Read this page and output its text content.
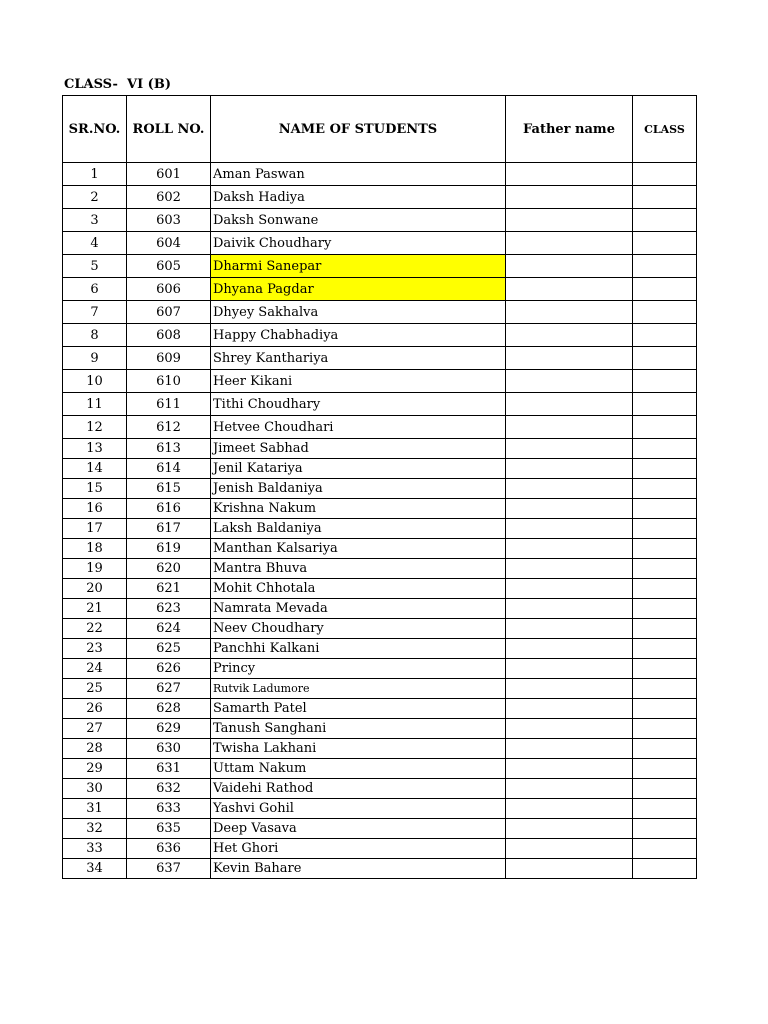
CLASS-  VI (B)
SR.NO.	ROLL NO.	NAME OF STUDENTS	Father name	CLASS
1	601	Aman Paswan		
2	602	Daksh Hadiya		
3	603	Daksh Sonwane		
4	604	Daivik Choudhary		
5	605	Dharmi Sanepar		
6	606	Dhyana Pagdar		
7	607	Dhyey Sakhalva		
8	608	Happy Chabhadiya		
9	609	Shrey Kanthariya		
10	610	Heer Kikani		
11	611	Tithi Choudhary		
12	612	Hetvee Choudhari		
13	613	Jimeet Sabhad		
14	614	Jenil Katariya		
15	615	Jenish Baldaniya		
16	616	Krishna Nakum		
17	617	Laksh Baldaniya		
18	619	Manthan Kalsariya		
19	620	Mantra Bhuva		
20	621	Mohit Chhotala		
21	623	Namrata Mevada		
22	624	Neev Choudhary		
23	625	Panchhi Kalkani		
24	626	Princy		
25	627	Rutvik Ladumore		
26	628	Samarth Patel		
27	629	Tanush Sanghani		
28	630	Twisha Lakhani		
29	631	Uttam Nakum		
30	632	Vaidehi Rathod		
31	633	Yashvi Gohil		
32	635	Deep Vasava		
33	636	Het Ghori		
34	637	Kevin Bahare		
